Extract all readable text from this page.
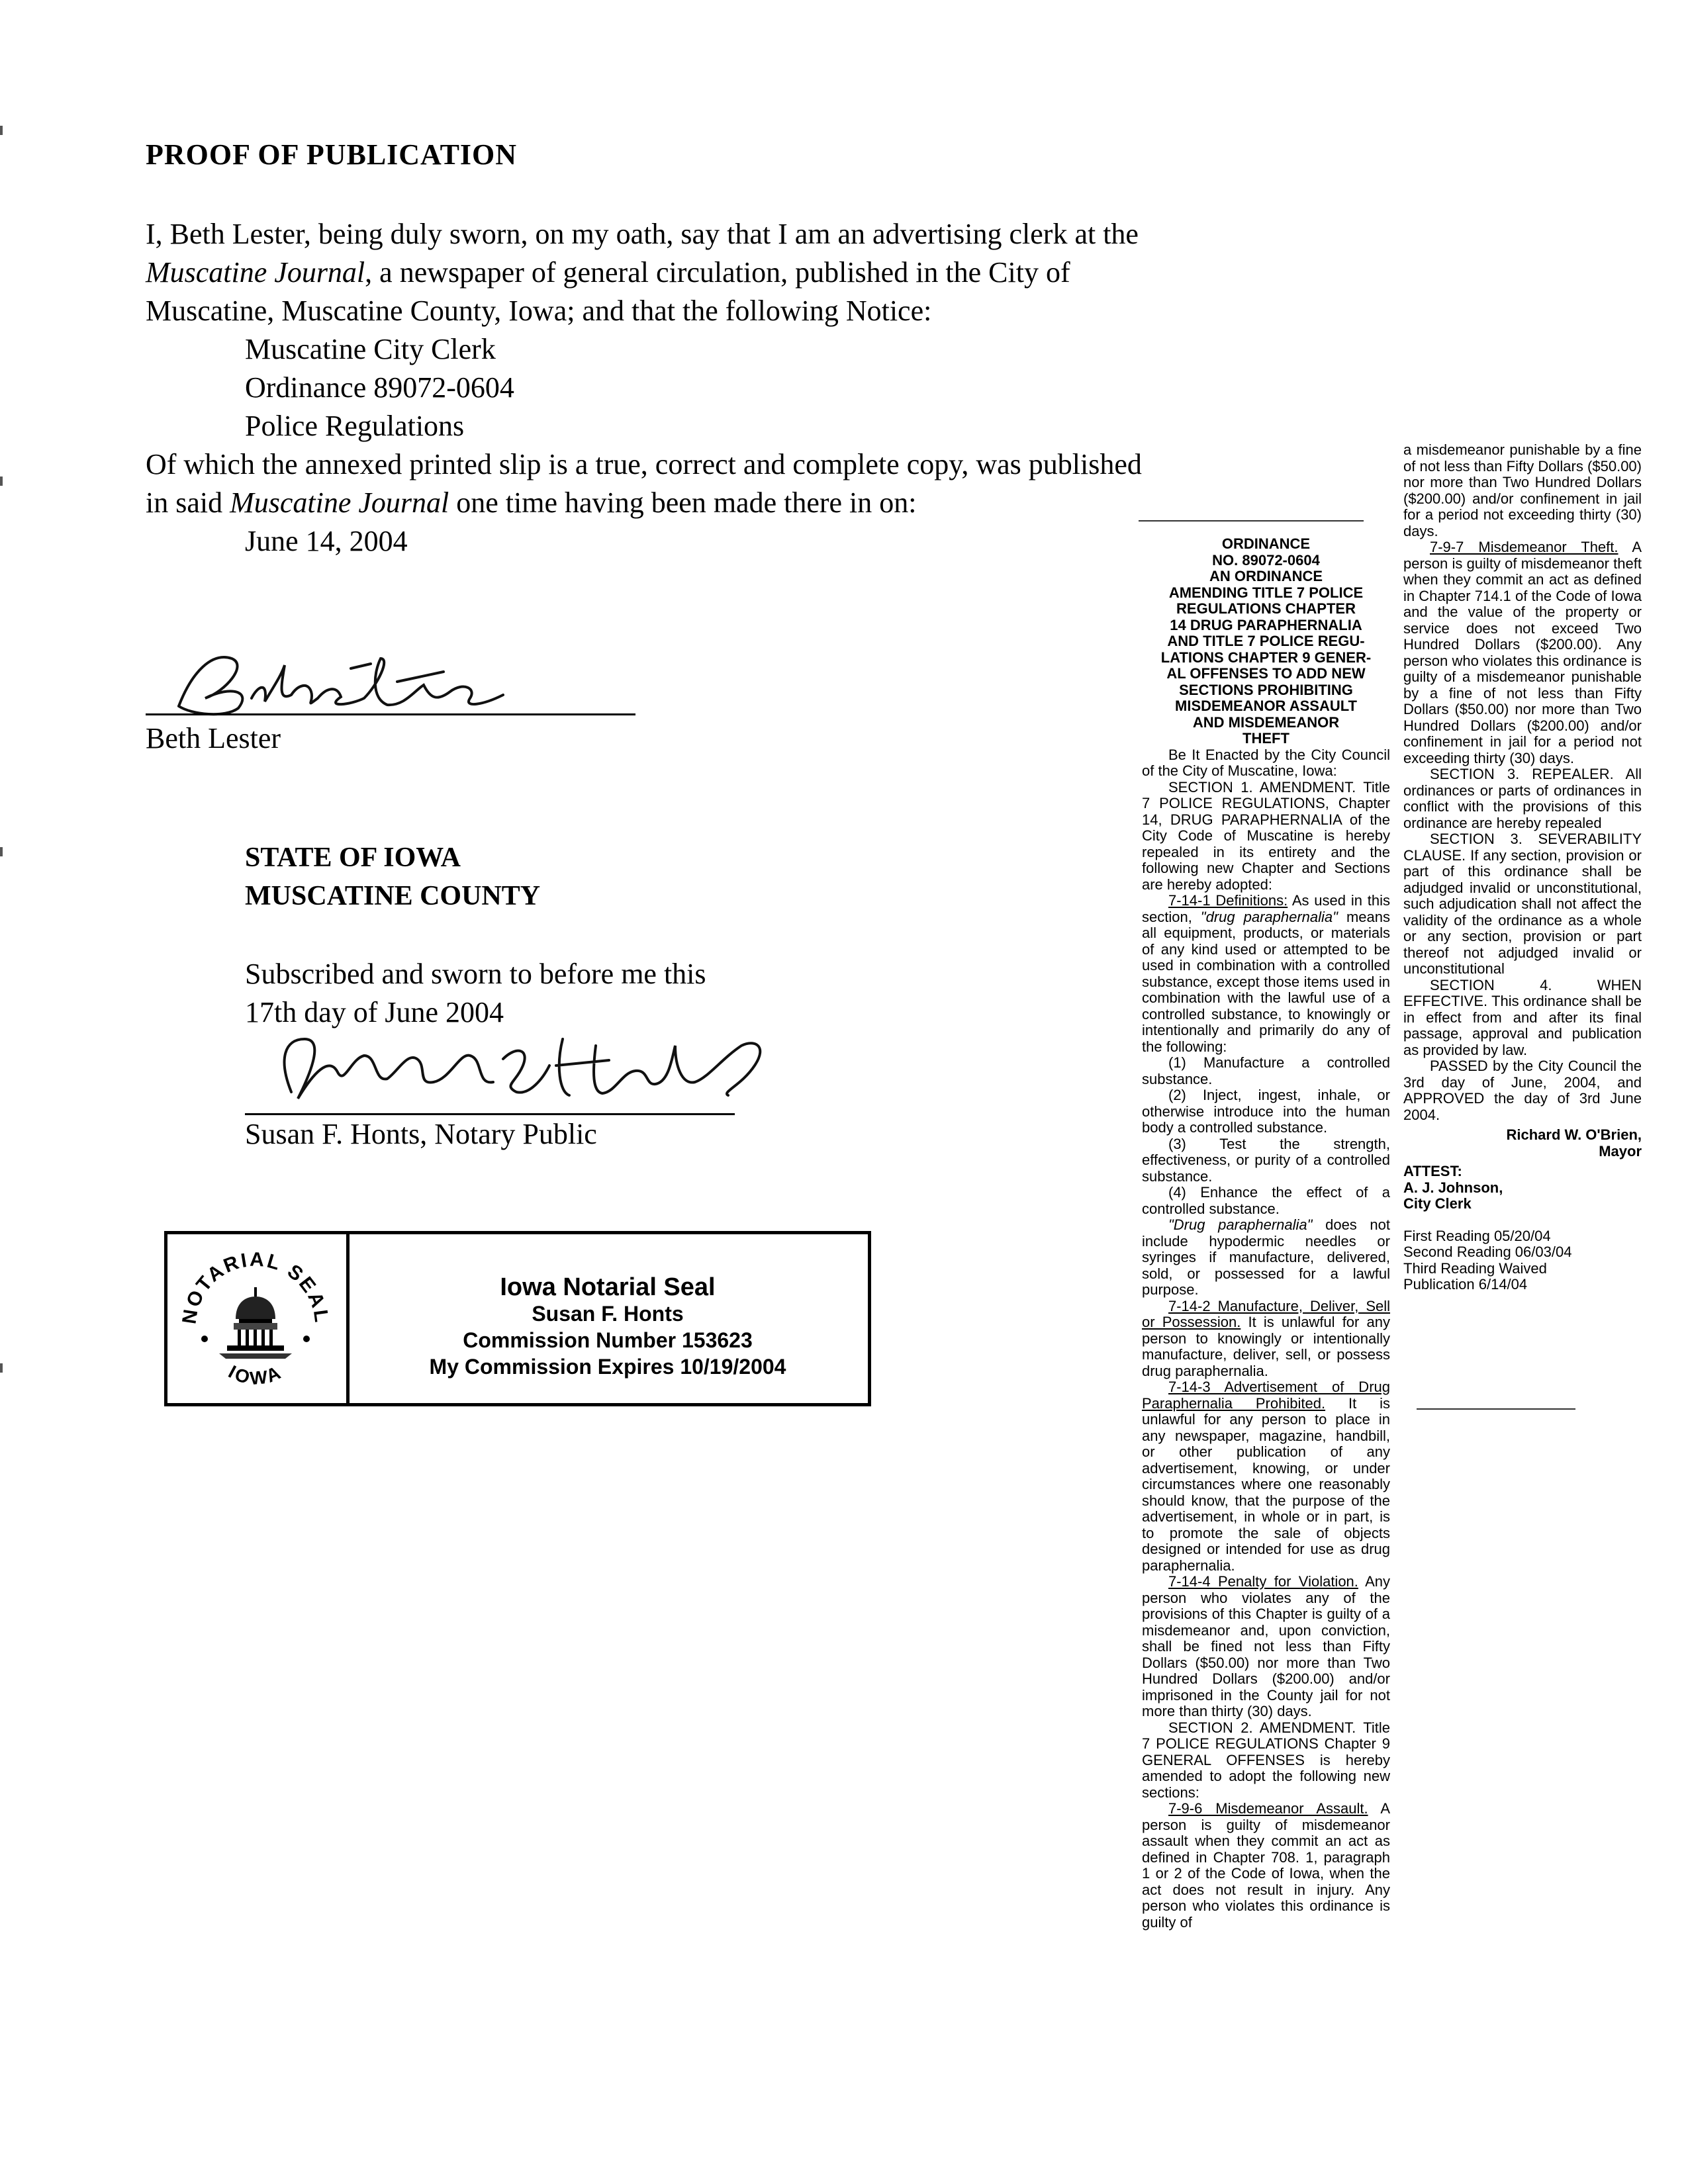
PROOF OF PUBLICATION
I, Beth Lester, being duly sworn, on my oath, say that I am an advertising clerk at the
Muscatine Journal, a newspaper of general circulation, published in the City of
Muscatine, Muscatine County, Iowa; and that the following Notice:
Muscatine City Clerk
Ordinance 89072-0604
Police Regulations
Of which the annexed printed slip is a true, correct and complete copy, was published
in said Muscatine Journal one time having been made there in on:
June 14, 2004
Beth Lester
STATE OF IOWA
MUSCATINE COUNTY
Subscribed and sworn to before me this
17th day of June 2004
Susan F. Honts, Notary Public
NOTARIAL SEAL
IOWA
Iowa Notarial Seal
Susan F. Honts
Commission Number 153623
My Commission Expires 10/19/2004

ORDINANCE

NO. 89072-0604

AN ORDINANCE

AMENDING TITLE 7 POLICE

REGULATIONS CHAPTER

14 DRUG PARAPHERNALIA

AND TITLE 7 POLICE REGU-

LATIONS CHAPTER 9 GENER-

AL OFFENSES TO ADD NEW

SECTIONS PROHIBITING

MISDEMEANOR ASSAULT

AND MISDEMEANOR

THEFT

Be It Enacted by the City Council of the City of Muscatine, Iowa:

SECTION 1. AMENDMENT. Title 7 POLICE REGULATIONS, Chapter 14, DRUG PARAPHERNALIA of the City Code of Muscatine is hereby repealed in its entirety and the following new Chapter and Sections are hereby adopted:

7-14-1 Definitions: As used in this section, "drug paraphernalia" means all equipment, products, or materials of any kind used or attempted to be used in combination with a controlled substance, except those items used in combination with the lawful use of a controlled substance, to knowingly or intentionally and primarily do any of the following:

(1) Manufacture a controlled substance.

(2) Inject, ingest, inhale, or otherwise introduce into the human body a controlled substance.

(3) Test the strength, effectiveness, or purity of a controlled substance.

(4) Enhance the effect of a controlled substance.

"Drug paraphernalia" does not include hypodermic needles or syringes if manufacture, delivered, sold, or possessed for a lawful purpose.

7-14-2 Manufacture, Deliver, Sell or Possession. It is unlawful for any person to knowingly or intentionally manufacture, deliver, sell, or possess drug paraphernalia.

7-14-3 Advertisement of Drug Paraphernalia Prohibited. It is unlawful for any person to place in any newspaper, magazine, handbill, or other publication of any advertisement, knowing, or under circumstances where one reasonably should know, that the purpose of the advertisement, in whole or in part, is to promote the sale of objects designed or intended for use as drug paraphernalia.

7-14-4 Penalty for Violation. Any person who violates any of the provisions of this Chapter is guilty of a misdemeanor and, upon conviction, shall be fined not less than Fifty Dollars ($50.00) nor more than Two Hundred Dollars ($200.00) and/or imprisoned in the County jail for not more than thirty (30) days.

SECTION 2. AMENDMENT. Title 7 POLICE REGULATIONS Chapter 9 GENERAL OFFENSES is hereby amended to adopt the following new sections:

7-9-6 Misdemeanor Assault. A person is guilty of misdemeanor assault when they commit an act as defined in Chapter 708. 1, paragraph 1 or 2 of the Code of Iowa, when the act does not result in injury. Any person who violates this ordinance is guilty of

a misdemeanor punishable by a fine of not less than Fifty Dollars ($50.00) nor more than Two Hundred Dollars ($200.00) and/or confinement in jail for a period not exceeding thirty (30) days.

7-9-7 Misdemeanor Theft. A person is guilty of misdemeanor theft when they commit an act as defined in Chapter 714.1 of the Code of Iowa and the value of the property or service does not exceed Two Hundred Dollars ($200.00). Any person who violates this ordinance is guilty of a misdemeanor punishable by a fine of not less than Fifty Dollars ($50.00) nor more than Two Hundred Dollars ($200.00) and/or confinement in jail for a period not exceeding thirty (30) days.

SECTION 3. REPEALER. All ordinances or parts of ordinances in conflict with the provisions of this ordinance are hereby repealed

SECTION 3. SEVERABILITY CLAUSE. If any section, provision or part of this ordinance shall be adjudged invalid or unconstitutional, such adjudication shall not affect the validity of the ordinance as a whole or any section, provision or part thereof not adjudged invalid or unconstitutional

SECTION 4. WHEN EFFECTIVE. This ordinance shall be in effect from and after its final passage, approval and publication as provided by law.

PASSED by the City Council the 3rd day of June, 2004, and APPROVED the day of 3rd June 2004.

Richard W. O'Brien,

Mayor

ATTEST:

A. J. Johnson,

City Clerk

First Reading 05/20/04

Second Reading 06/03/04

Third Reading Waived

Publication 6/14/04
